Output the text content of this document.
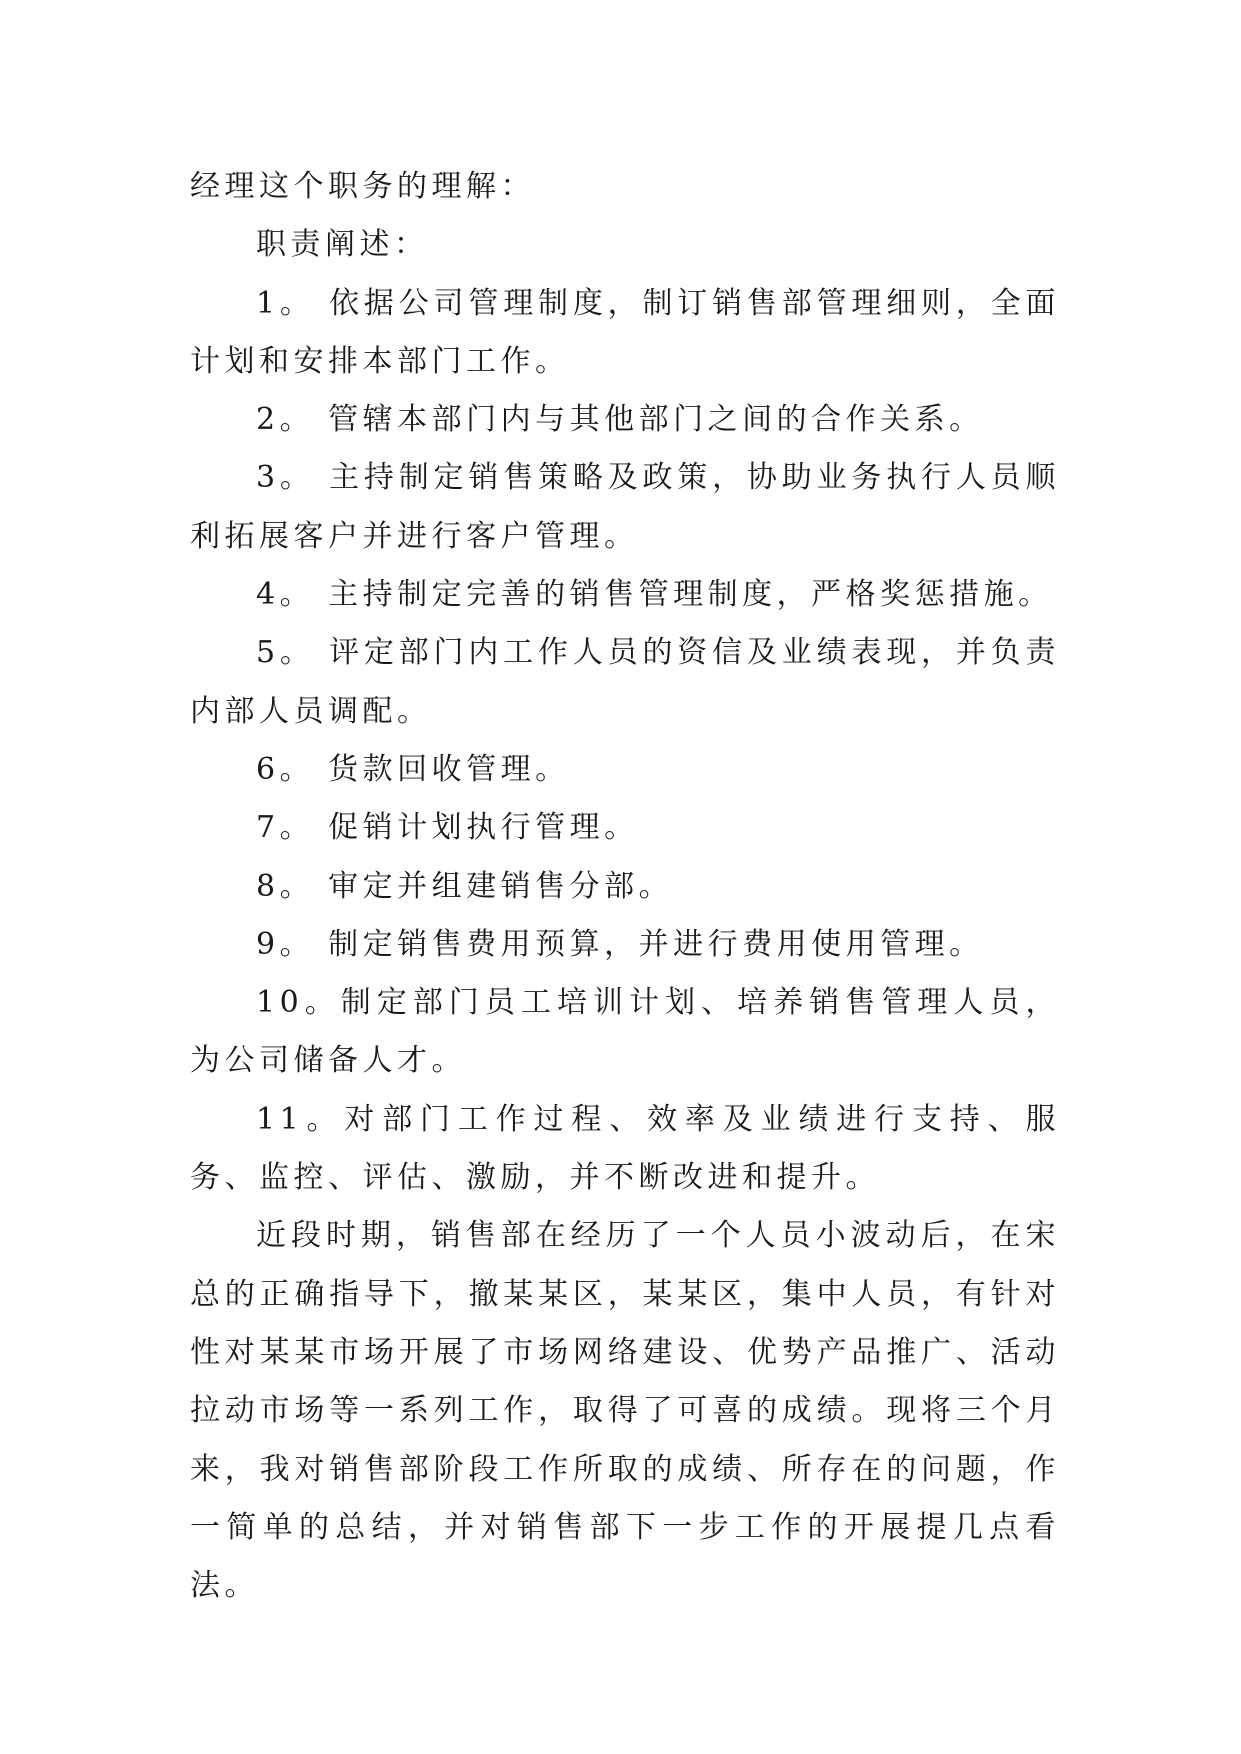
经理这个职务的理解：

职责阐述：

1。 依据公司管理制度，制订销售部管理细则，全面计划和安排本部门工作。

2。 管辖本部门内与其他部门之间的合作关系。

3。 主持制定销售策略及政策，协助业务执行人员顺利拓展客户并进行客户管理。

4。 主持制定完善的销售管理制度，严格奖惩措施。

5。 评定部门内工作人员的资信及业绩表现，并负责内部人员调配。

6。 货款回收管理。

7。 促销计划执行管理。

8。 审定并组建销售分部。

9。 制定销售费用预算，并进行费用使用管理。

10。制定部门员工培训计划、培养销售管理人员，为公司储备人才。

11。对部门工作过程、效率及业绩进行支持、服务、监控、评估、激励，并不断改进和提升。

近段时期，销售部在经历了一个人员小波动后，在宋总的正确指导下，撤某某区，某某区，集中人员，有针对性对某某市场开展了市场网络建设、优势产品推广、活动拉动市场等一系列工作，取得了可喜的成绩。现将三个月来，我对销售部阶段工作所取的成绩、所存在的问题，作一简单的总结，并对销售部下一步工作的开展提几点看法。
